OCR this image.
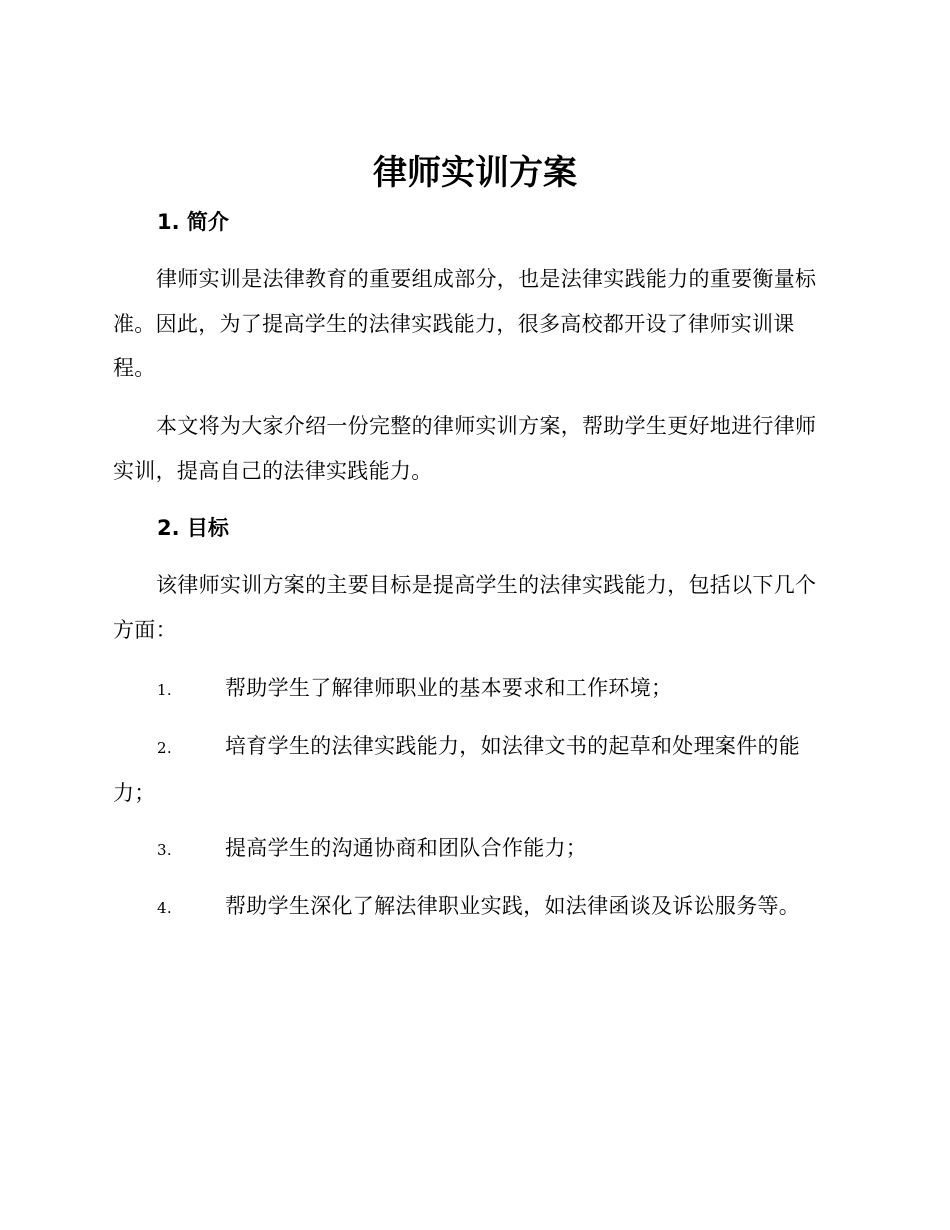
律师实训方案
1. 简介

律师实训是法律教育的重要组成部分，也是法律实践能力的重要衡量标准。因此，为了提高学生的法律实践能力，很多高校都开设了律师实训课程。

本文将为大家介绍一份完整的律师实训方案，帮助学生更好地进行律师实训，提高自己的法律实践能力。

2. 目标

该律师实训方案的主要目标是提高学生的法律实践能力，包括以下几个方面：

1.	帮助学生了解律师职业的基本要求和工作环境；
2.	培育学生的法律实践能力，如法律文书的起草和处理案件的能力；
3.	提高学生的沟通协商和团队合作能力；
4.	帮助学生深化了解法律职业实践，如法律函谈及诉讼服务等。
